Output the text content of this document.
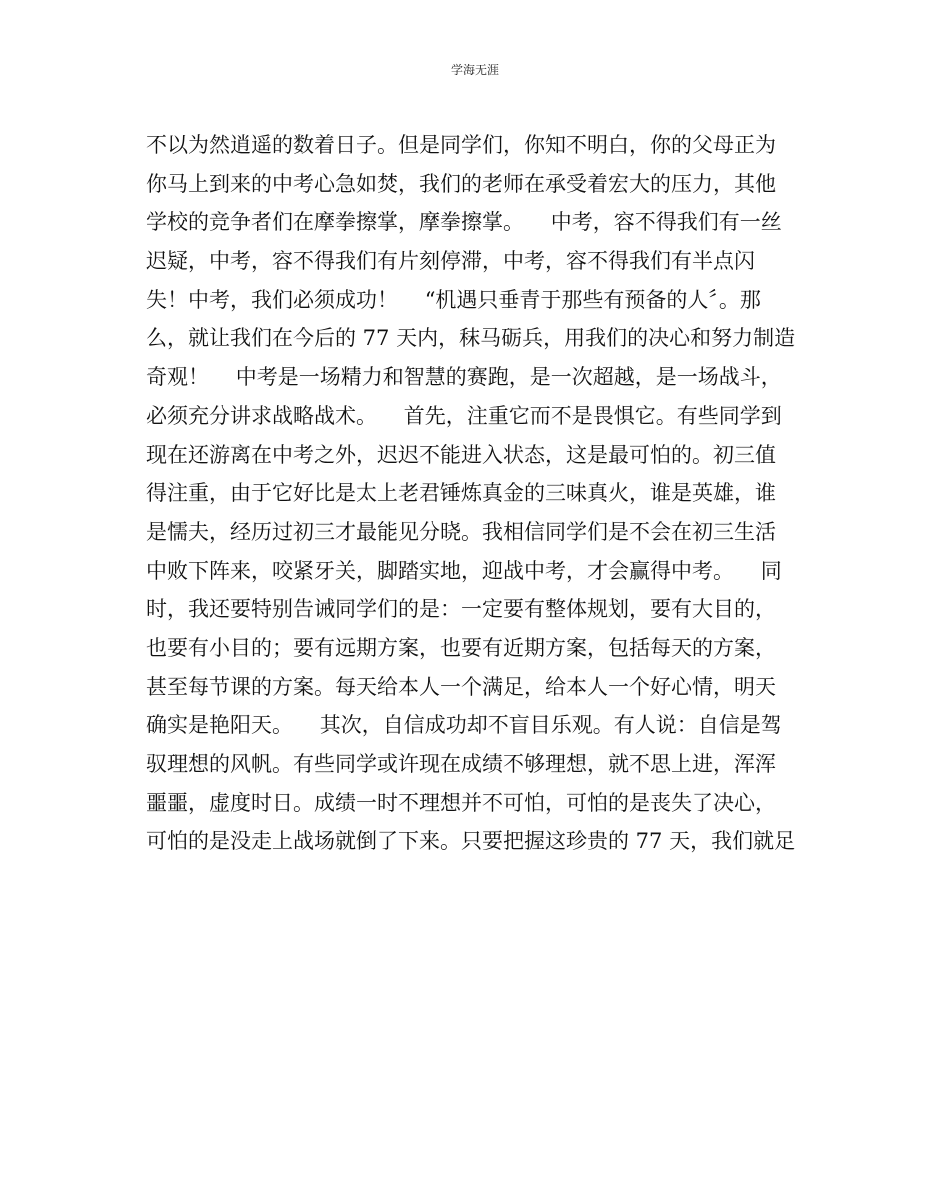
学海无涯
不以为然逍遥的数着日子。但是同学们，你知不明白，你的父母正为
你马上到来的中考心急如焚，我们的老师在承受着宏大的压力，其他
学校的竞争者们在摩拳擦掌，摩拳擦掌。    中考，容不得我们有一丝
迟疑，中考，容不得我们有片刻停滞，中考，容不得我们有半点闪
失！中考，我们必须成功！    “机遇只垂青于那些有预备的人〞。那
么，就让我们在今后的 77 天内，秣马砺兵，用我们的决心和努力制造
奇观！    中考是一场精力和智慧的赛跑，是一次超越，是一场战斗，
必须充分讲求战略战术。    首先，注重它而不是畏惧它。有些同学到
现在还游离在中考之外，迟迟不能进入状态，这是最可怕的。初三值
得注重，由于它好比是太上老君锤炼真金的三味真火，谁是英雄，谁
是懦夫，经历过初三才最能见分晓。我相信同学们是不会在初三生活
中败下阵来，咬紧牙关，脚踏实地，迎战中考，才会赢得中考。    同
时，我还要特别告诫同学们的是：一定要有整体规划，要有大目的，
也要有小目的；要有远期方案，也要有近期方案，包括每天的方案，
甚至每节课的方案。每天给本人一个满足，给本人一个好心情，明天
确实是艳阳天。    其次，自信成功却不盲目乐观。有人说：自信是驾
驭理想的风帆。有些同学或许现在成绩不够理想，就不思上进，浑浑
噩噩，虚度时日。成绩一时不理想并不可怕，可怕的是丧失了决心，
可怕的是没走上战场就倒了下来。只要把握这珍贵的 77 天，我们就足
